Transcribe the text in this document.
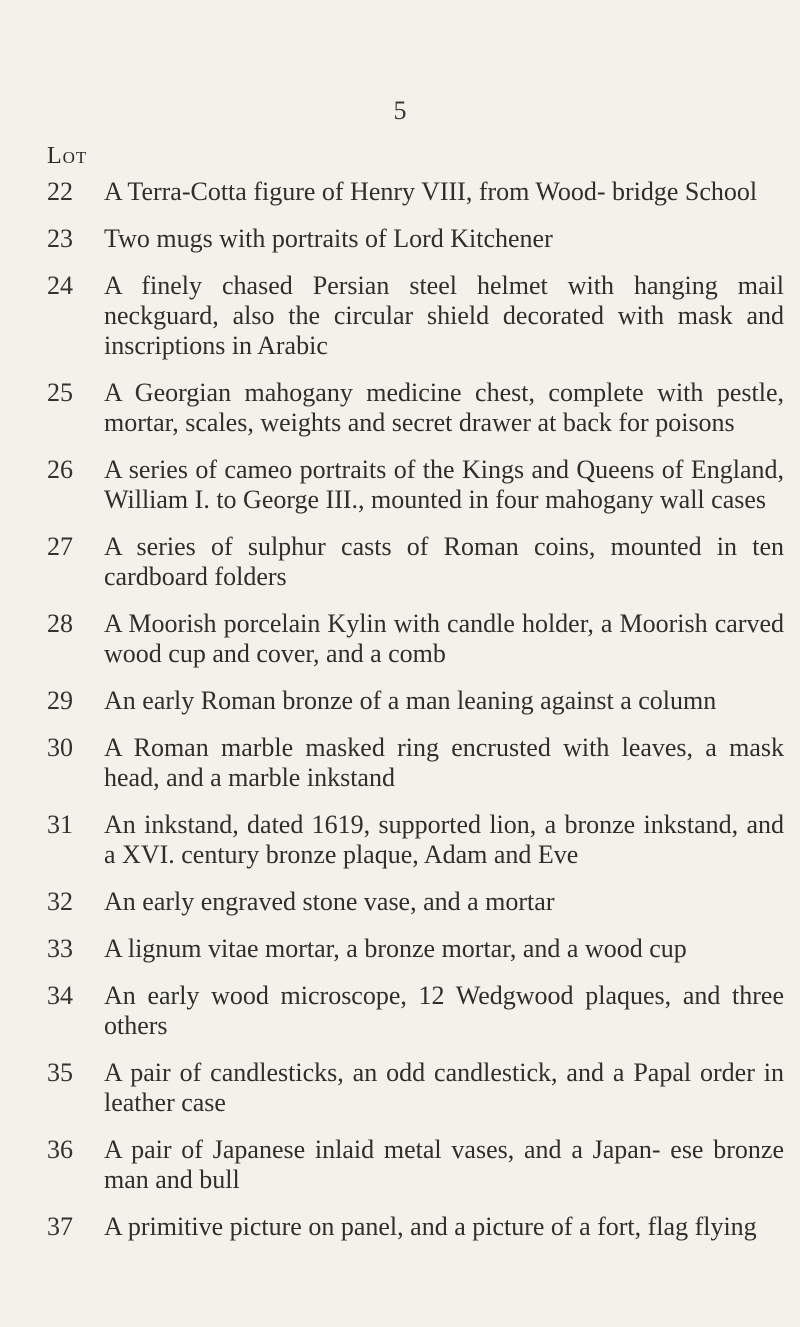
5
Lot
22	A Terra-Cotta figure of Henry VIII, from Wood- bridge School
23	Two mugs with portraits of Lord Kitchener
24	A finely chased Persian steel helmet with hanging mail neckguard, also the circular shield decorated with mask and inscriptions in Arabic
25	A Georgian mahogany medicine chest, complete with pestle, mortar, scales, weights and secret drawer at back for poisons
26	A series of cameo portraits of the Kings and Queens of England, William I. to George III., mounted in four mahogany wall cases
27	A series of sulphur casts of Roman coins, mounted in ten cardboard folders
28	A Moorish porcelain Kylin with candle holder, a Moorish carved wood cup and cover, and a comb
29	An early Roman bronze of a man leaning against a column
30	A Roman marble masked ring encrusted with leaves, a mask head, and a marble inkstand
31	An inkstand, dated 1619, supported lion, a bronze inkstand, and a XVI. century bronze plaque, Adam and Eve
32	An early engraved stone vase, and a mortar
33	A lignum vitae mortar, a bronze mortar, and a wood cup
34	An early wood microscope, 12 Wedgwood plaques, and three others
35	A pair of candlesticks, an odd candlestick, and a Papal order in leather case
36	A pair of Japanese inlaid metal vases, and a Japan- ese bronze man and bull
37	A primitive picture on panel, and a picture of a fort, flag flying
